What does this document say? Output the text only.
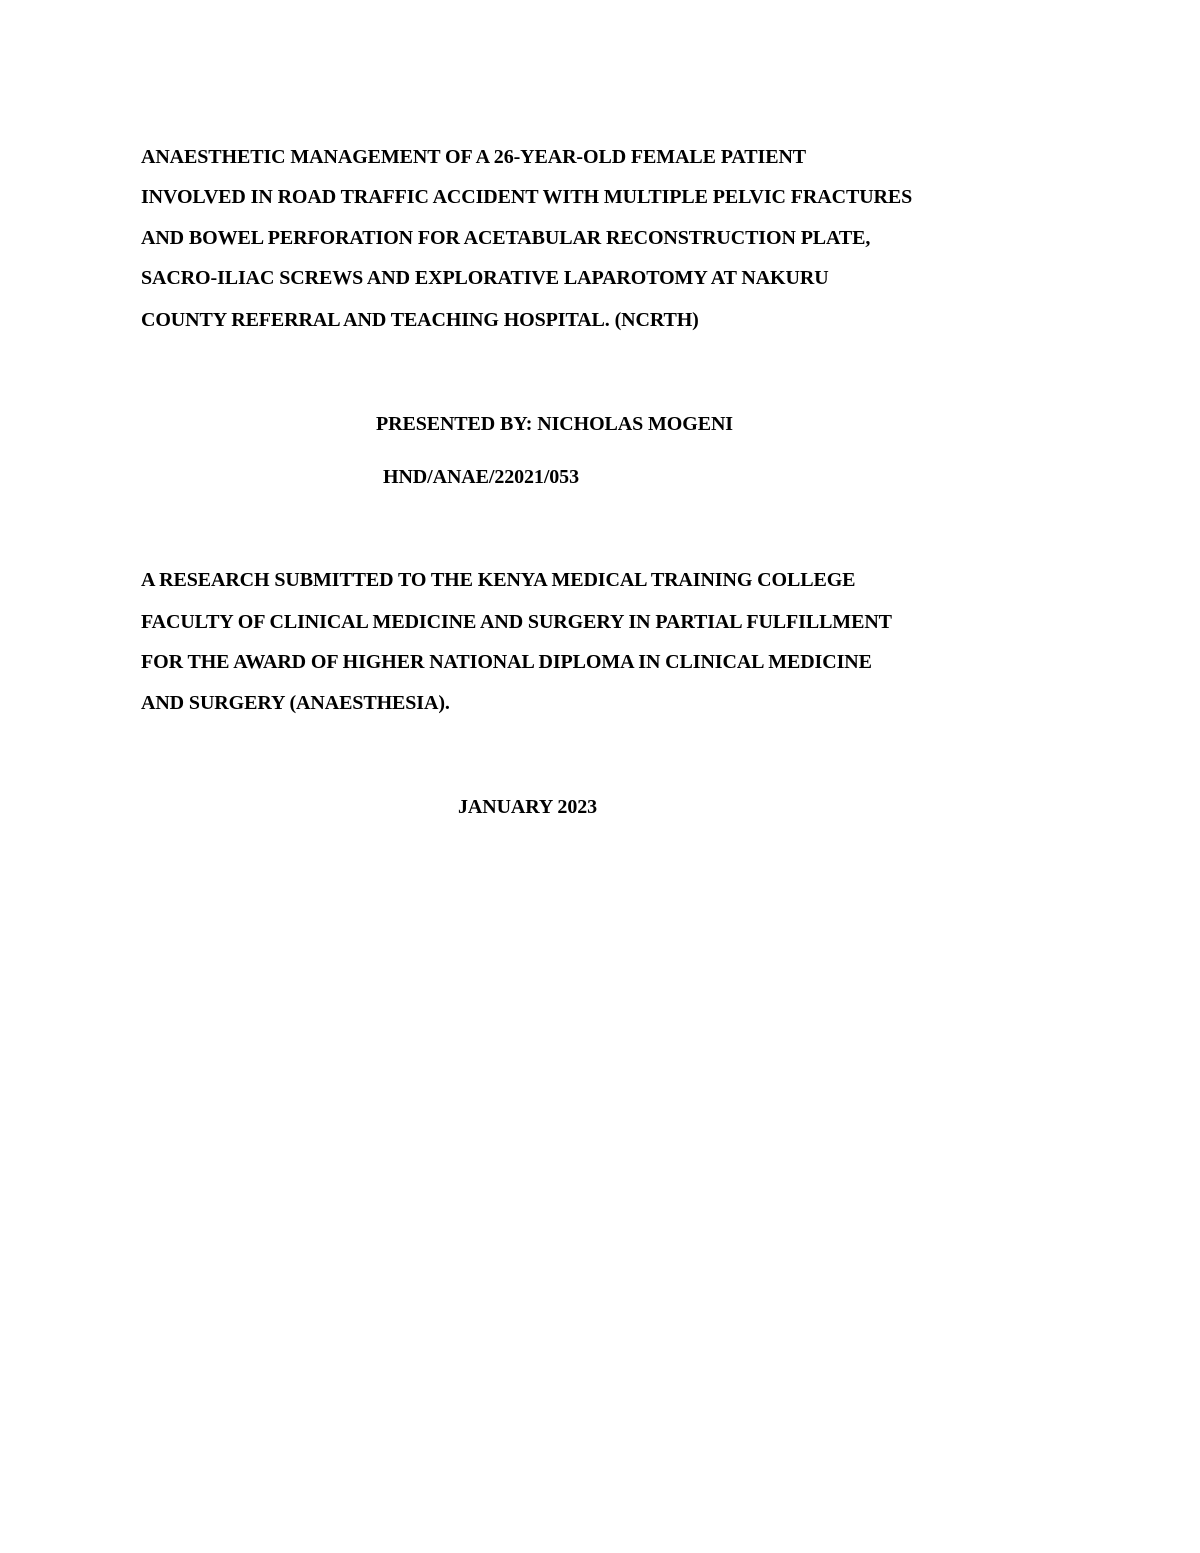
ANAESTHETIC MANAGEMENT OF A 26-YEAR-OLD FEMALE PATIENT
INVOLVED IN ROAD TRAFFIC ACCIDENT WITH MULTIPLE PELVIC FRACTURES
AND BOWEL PERFORATION FOR ACETABULAR RECONSTRUCTION PLATE,
SACRO-ILIAC SCREWS AND EXPLORATIVE LAPAROTOMY AT NAKURU
COUNTY REFERRAL AND TEACHING HOSPITAL. (NCRTH)
PRESENTED BY: NICHOLAS MOGENI
HND/ANAE/22021/053
A RESEARCH SUBMITTED TO THE KENYA MEDICAL TRAINING COLLEGE
FACULTY OF CLINICAL MEDICINE AND SURGERY IN PARTIAL FULFILLMENT
FOR THE AWARD OF HIGHER NATIONAL DIPLOMA IN CLINICAL MEDICINE
AND SURGERY (ANAESTHESIA).
JANUARY 2023
